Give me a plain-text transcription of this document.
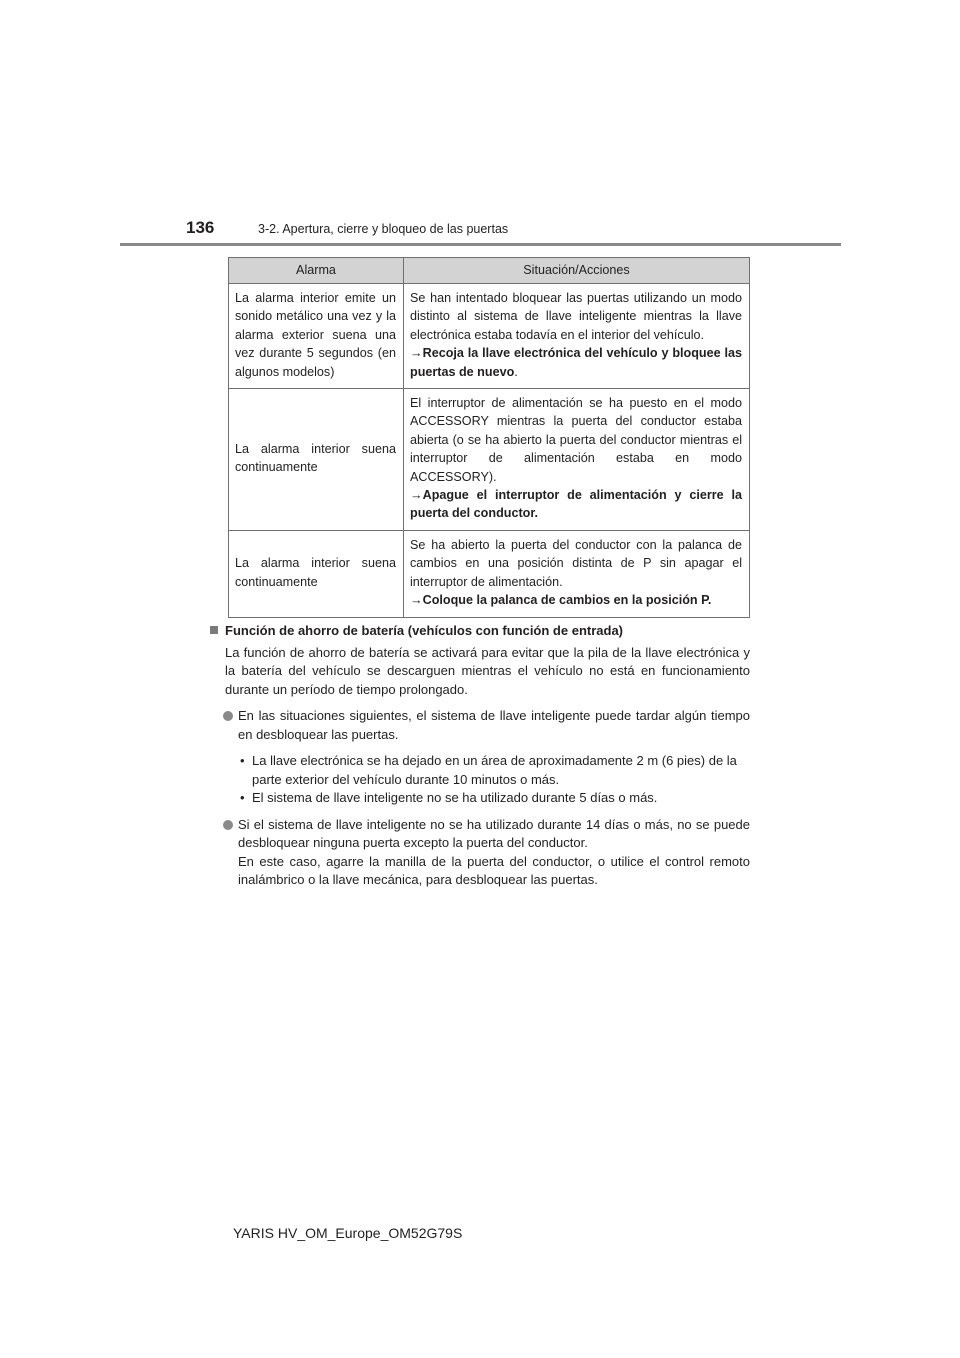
136	3-2. Apertura, cierre y bloqueo de las puertas
Alarma	Situación/Acciones
La alarma interior emite un sonido metálico una vez y la alarma exterior suena una vez durante 5 segundos (en algunos modelos)	Se han intentado bloquear las puertas utilizando un modo distinto al sistema de llave inteligente mientras la llave electrónica estaba todavía en el interior del vehículo.
→Recoja la llave electrónica del vehículo y bloquee las puertas de nuevo.
La alarma interior suena continuamente	El interruptor de alimentación se ha puesto en el modo ACCESSORY mientras la puerta del conductor estaba abierta (o se ha abierto la puerta del conductor mientras el interruptor de alimentación estaba en modo ACCESSORY).
→Apague el interruptor de alimentación y cierre la puerta del conductor.
La alarma interior suena continuamente	Se ha abierto la puerta del conductor con la palanca de cambios en una posición distinta de P sin apagar el interruptor de alimentación.
→Coloque la palanca de cambios en la posición P.
Función de ahorro de batería (vehículos con función de entrada)
La función de ahorro de batería se activará para evitar que la pila de la llave electrónica y la batería del vehículo se descarguen mientras el vehículo no está en funcionamiento durante un período de tiempo prolongado.
En las situaciones siguientes, el sistema de llave inteligente puede tardar algún tiempo en desbloquear las puertas.
• La llave electrónica se ha dejado en un área de aproximadamente 2 m (6 pies) de la parte exterior del vehículo durante 10 minutos o más.
• El sistema de llave inteligente no se ha utilizado durante 5 días o más.
Si el sistema de llave inteligente no se ha utilizado durante 14 días o más, no se puede desbloquear ninguna puerta excepto la puerta del conductor.
En este caso, agarre la manilla de la puerta del conductor, o utilice el control remoto inalámbrico o la llave mecánica, para desbloquear las puertas.
YARIS HV_OM_Europe_OM52G79S
